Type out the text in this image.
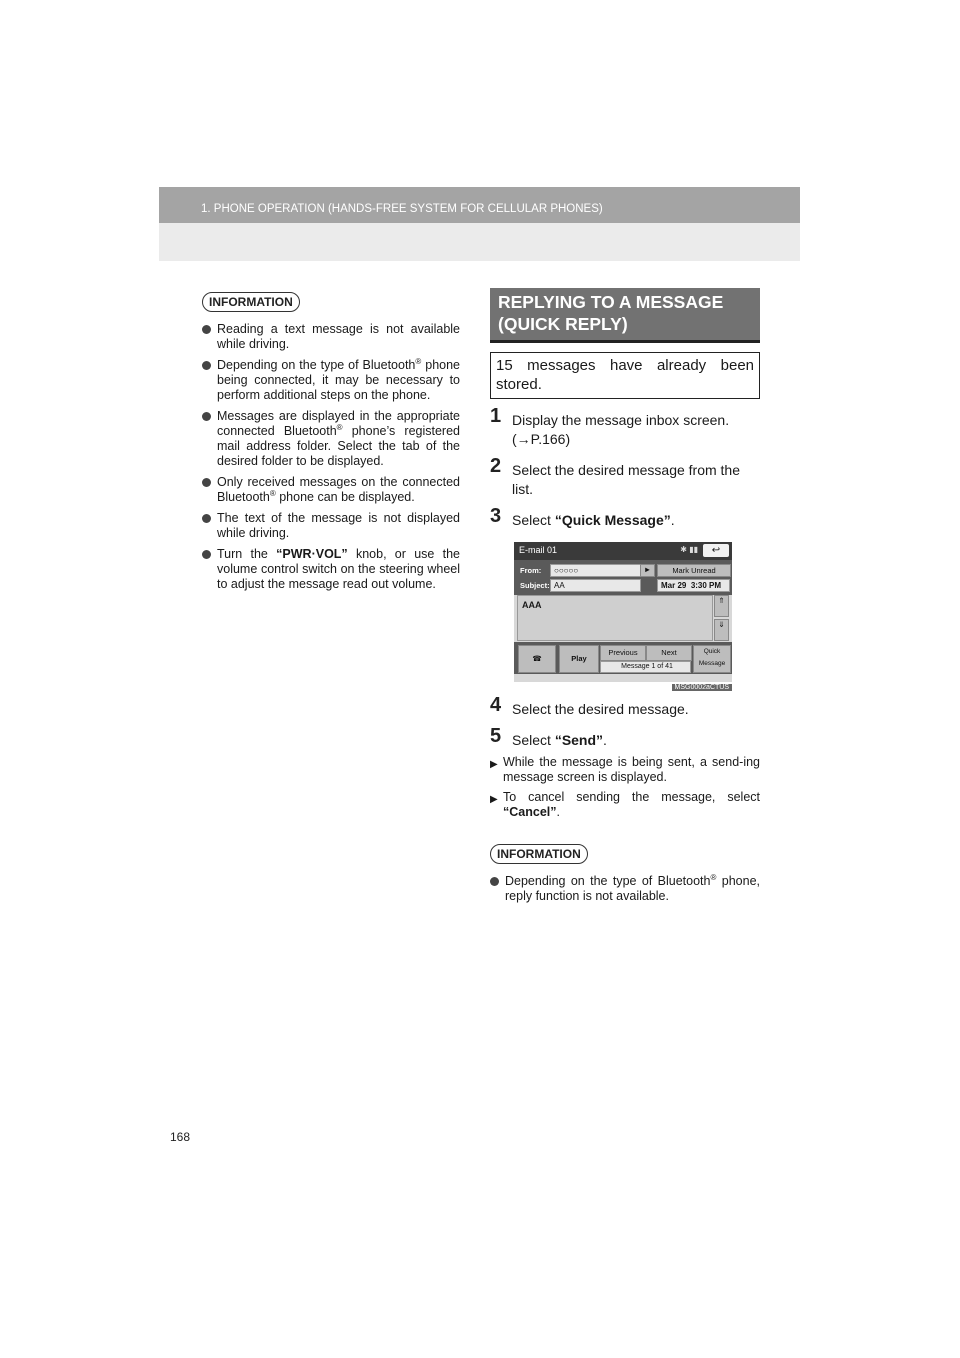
1. PHONE OPERATION (HANDS-FREE SYSTEM FOR CELLULAR PHONES)
INFORMATION
Reading a text message is not available while driving.
Depending on the type of Bluetooth® phone being connected, it may be necessary to perform additional steps on the phone.
Messages are displayed in the appropriate connected Bluetooth® phone’s registered mail address folder. Select the tab of the desired folder to be displayed.
Only received messages on the connected Bluetooth® phone can be displayed.
The text of the message is not displayed while driving.
Turn the “PWR·VOL” knob, or use the volume control switch on the steering wheel to adjust the message read out volume.
REPLYING TO A MESSAGE
(QUICK REPLY)
15 messages have already been stored.
1 Display the message inbox screen. (→P.166)
2 Select the desired message from the list.
3 Select “Quick Message”.
E-mail 01	✱ ▮▮	↩
From:	○○○○○	►	Mark Unread
Subject: AA	Mar 29 3:30 PM
AAA	⇑
⇓
☎	Play
Previous	Next
Message 1 of 41
Quick Message
MSG0002aCTUS
4 Select the desired message.
5 Select “Send”.
▶ While the message is being sent, a send-ing message screen is displayed.
▶ To cancel sending the message, select “Cancel”.
INFORMATION
Depending on the type of Bluetooth® phone, reply function is not available.
168
